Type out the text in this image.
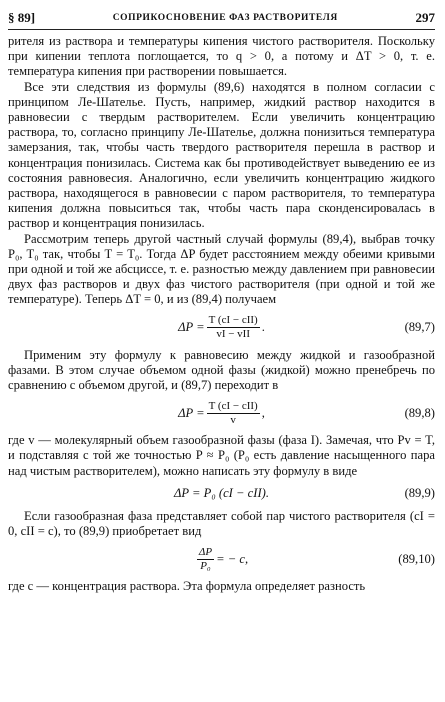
§ 89]	СОПРИКОСНОВЕНИЕ ФАЗ РАСТВОРИТЕЛЯ	297

рителя из раствора и температуры кипения чистого растворителя. Поскольку при кипении теплота поглощается, то q > 0, а потому и ΔT > 0, т. е. температура кипения при растворении повышается.

Все эти следствия из формулы (89,6) находятся в полном согласии с принципом Ле-Шателье. Пусть, например, жидкий раствор находится в равновесии с твердым растворителем. Если увеличить концентрацию раствора, то, согласно принципу Ле-Шателье, должна понизиться температура замерзания, так, чтобы часть твердого растворителя перешла в раствор и концентрация понизилась. Система как бы противодействует выведению ее из состояния равновесия. Аналогично, если увеличить концентрацию жидкого раствора, находящегося в равновесии с паром растворителя, то температура кипения должна повыситься так, чтобы часть пара сконденсировалась в раствор и концентрация понизилась.

Рассмотрим теперь другой частный случай формулы (89,4), выбрав точку P₀, T₀ так, чтобы T = T₀. Тогда ΔP будет расстоянием между обеими кривыми при одной и той же абсциссе, т. е. разностью между давлением при равновесии двух фаз растворов и двух фаз чистого растворителя (при одной и той же температуре). Теперь ΔT = 0, и из (89,4) получаем

$\Delta P = \frac{\text{T (cI − cII)}}{\text{vI − vII}}$ .	(89,7)

Применим эту формулу к равновесию между жидкой и газообразной фазами. В этом случае объемом одной фазы (жидкой) можно пренебречь по сравнению с объемом другой, и (89,7) переходит в

$\Delta P = \frac{\text{T (cI − cII)}}{v}$ ,	(89,8)

где v — молекулярный объем газообразной фазы (фаза I). Замечая, что Pv = T, и подставляя с той же точностью P ≈ P₀ (P₀ есть давление насыщенного пара над чистым растворителем), можно написать эту формулу в виде

ΔP = P₀ (cI − cII).	(89,9)

Если газообразная фаза представляет собой пар чистого растворителя (cI = 0, cII = c), то (89,9) приобретает вид

$\frac{\Delta P}{\text{P₀}}$ = − c,	(89,10)

где c — концентрация раствора. Эта формула определяет разность
